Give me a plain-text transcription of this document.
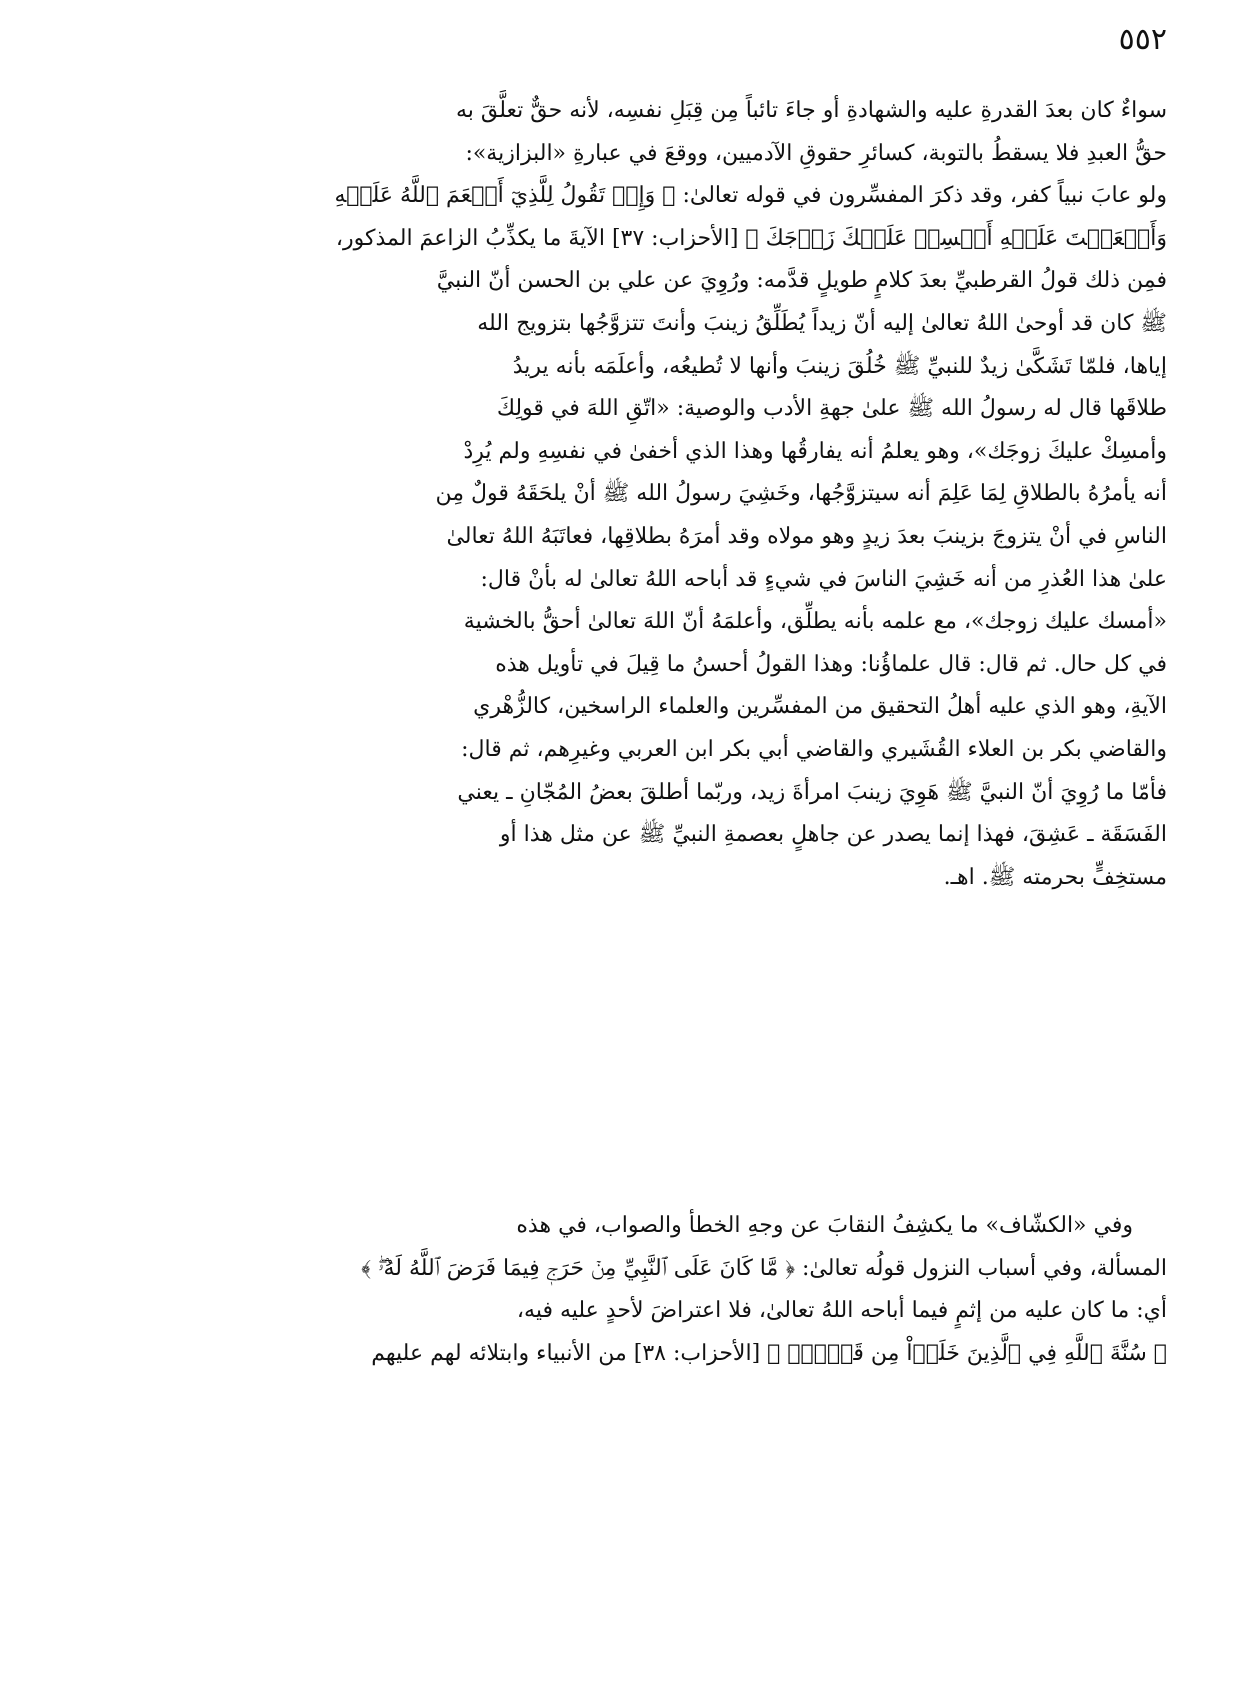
٥٥٢
سواءٌ كان بعدَ القدرةِ عليه والشهادةِ أو جاءَ تائباً مِن قِبَلِ نفسِه، لأنه حقٌّ تعلَّقَ به
حقُّ العبدِ فلا يسقطُ بالتوبة، كسائرِ حقوقِ الآدميين، ووقعَ في عبارةِ «البزازية»:
ولو عابَ نبياً كفر، وقد ذكرَ المفسِّرون في قوله تعالىٰ: ﴿ وَإِذۡ تَقُولُ لِلَّذِيٓ أَنۡعَمَ ٱللَّهُ عَلَيۡهِ
وَأَنۡعَمۡتَ عَلَيۡهِ أَمۡسِكۡ عَلَيۡكَ زَوۡجَكَ ﴾ [الأحزاب: ٣٧] الآيةَ ما يكذِّبُ الزاعمَ المذكور،
فمِن ذلك قولُ القرطبيِّ بعدَ كلامٍ طويلٍ قدَّمه: ورُوِيَ عن علي بن الحسن أنّ النبيَّ
ﷺ كان قد أوحىٰ اللهُ تعالىٰ إليه أنّ زيداً يُطَلِّقُ زينبَ وأنتَ تتزوَّجُها بتزويج الله
إياها، فلمّا تَشَكَّىٰ زيدٌ للنبيِّ ﷺ خُلُقَ زينبَ وأنها لا تُطيعُه، وأعلَمَه بأنه يريدُ
طلاقَها قال له رسولُ الله ﷺ علىٰ جهةِ الأدب والوصية: «اتّقِ اللهَ في قولِكَ
وأمسِكْ عليكَ زوجَك»، وهو يعلمُ أنه يفارقُها وهذا الذي أخفىٰ في نفسِهِ ولم يُرِدْ
أنه يأمرُهُ بالطلاقِ لِمَا عَلِمَ أنه سيتزوَّجُها، وخَشِيَ رسولُ الله ﷺ أنْ يلحَقَهُ قولٌ مِن
الناسِ في أنْ يتزوجَ بزينبَ بعدَ زيدٍ وهو مولاه وقد أمرَهُ بطلاقِها، فعاتَبَهُ اللهُ تعالىٰ
علىٰ هذا العُذرِ من أنه خَشِيَ الناسَ في شيءٍ قد أباحه اللهُ تعالىٰ له بأنْ قال:
«أمسك عليك زوجك»، مع علمه بأنه يطلِّق، وأعلمَهُ أنّ اللهَ تعالىٰ أحقُّ بالخشية
في كل حال. ثم قال: قال علماؤُنا: وهذا القولُ أحسنُ ما قِيلَ في تأويل هذه
الآيةِ، وهو الذي عليه أهلُ التحقيق من المفسِّرين والعلماء الراسخين، كالزُّهْري
والقاضي بكر بن العلاء القُشَيري والقاضي أبي بكر ابن العربي وغيرِهم، ثم قال:
فأمّا ما رُوِيَ أنّ النبيَّ ﷺ هَوِيَ زينبَ امرأةَ زيد، وربّما أطلقَ بعضُ المُجّانِ ـ يعني
الفَسَقَة ـ عَشِقَ، فهذا إنما يصدر عن جاهلٍ بعصمةِ النبيِّ ﷺ عن مثل هذا أو
مستخِفٍّ بحرمته ﷺ. اهـ.
وفي «الكشّاف» ما يكشِفُ النقابَ عن وجهِ الخطأ والصواب، في هذه
المسألة، وفي أسباب النزول قولُه تعالىٰ: ﴿ مَّا كَانَ عَلَى ٱلنَّبِيِّ مِنۡ حَرَجٖ فِيمَا فَرَضَ ٱللَّهُ لَهُۥۖ ﴾
أي: ما كان عليه من إثمٍ فيما أباحه اللهُ تعالىٰ، فلا اعتراضَ لأحدٍ عليه فيه،
﴿ سُنَّةَ ٱللَّهِ فِي ٱلَّذِينَ خَلَوۡاْ مِن قَبۡلُۚ ﴾ [الأحزاب: ٣٨] من الأنبياء وابتلائه لهم عليهم
